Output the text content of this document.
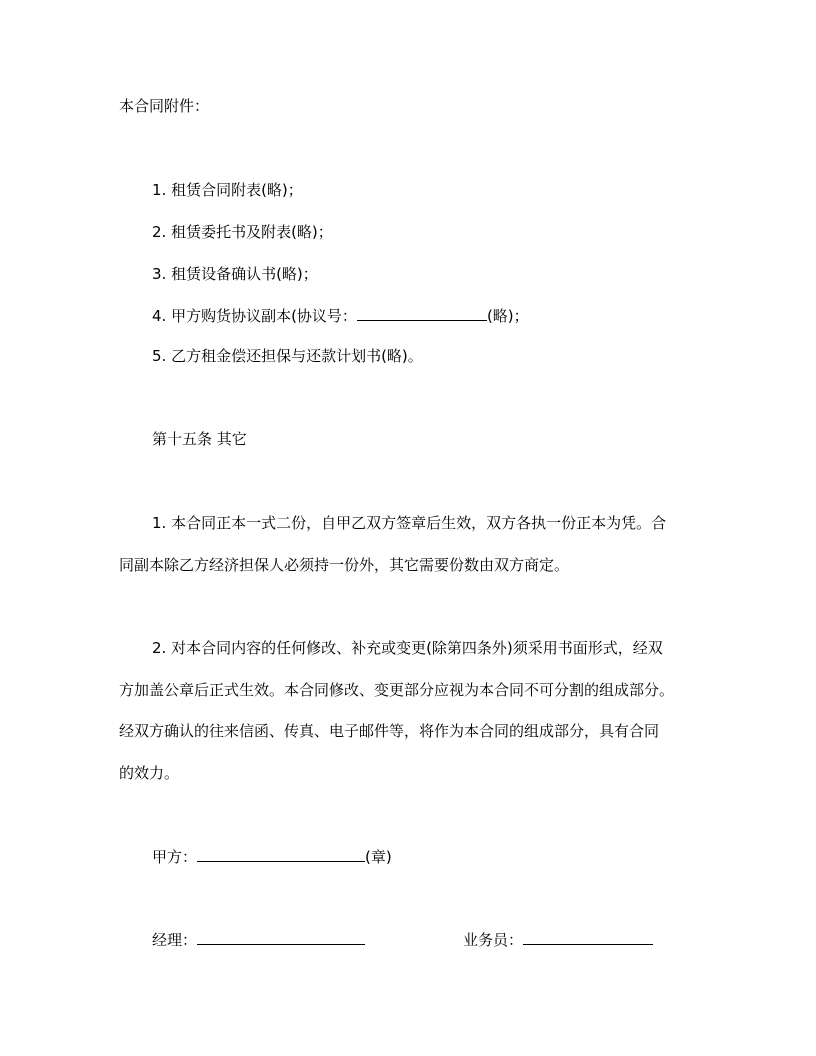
本合同附件：
1. 租赁合同附表(略)；
2. 租赁委托书及附表(略)；
3. 租赁设备确认书(略)；
4. 甲方购货协议副本(协议号：	(略)；
5. 乙方租金偿还担保与还款计划书(略)。
第十五条 其它
1. 本合同正本一式二份，自甲乙双方签章后生效，双方各执一份正本为凭。合
同副本除乙方经济担保人必须持一份外，其它需要份数由双方商定。
2. 对本合同内容的任何修改、补充或变更(除第四条外)须采用书面形式，经双
方加盖公章后正式生效。本合同修改、变更部分应视为本合同不可分割的组成部分。
经双方确认的往来信函、传真、电子邮件等，将作为本合同的组成部分，具有合同
的效力。
甲方：	(章)
经理：	业务员：
